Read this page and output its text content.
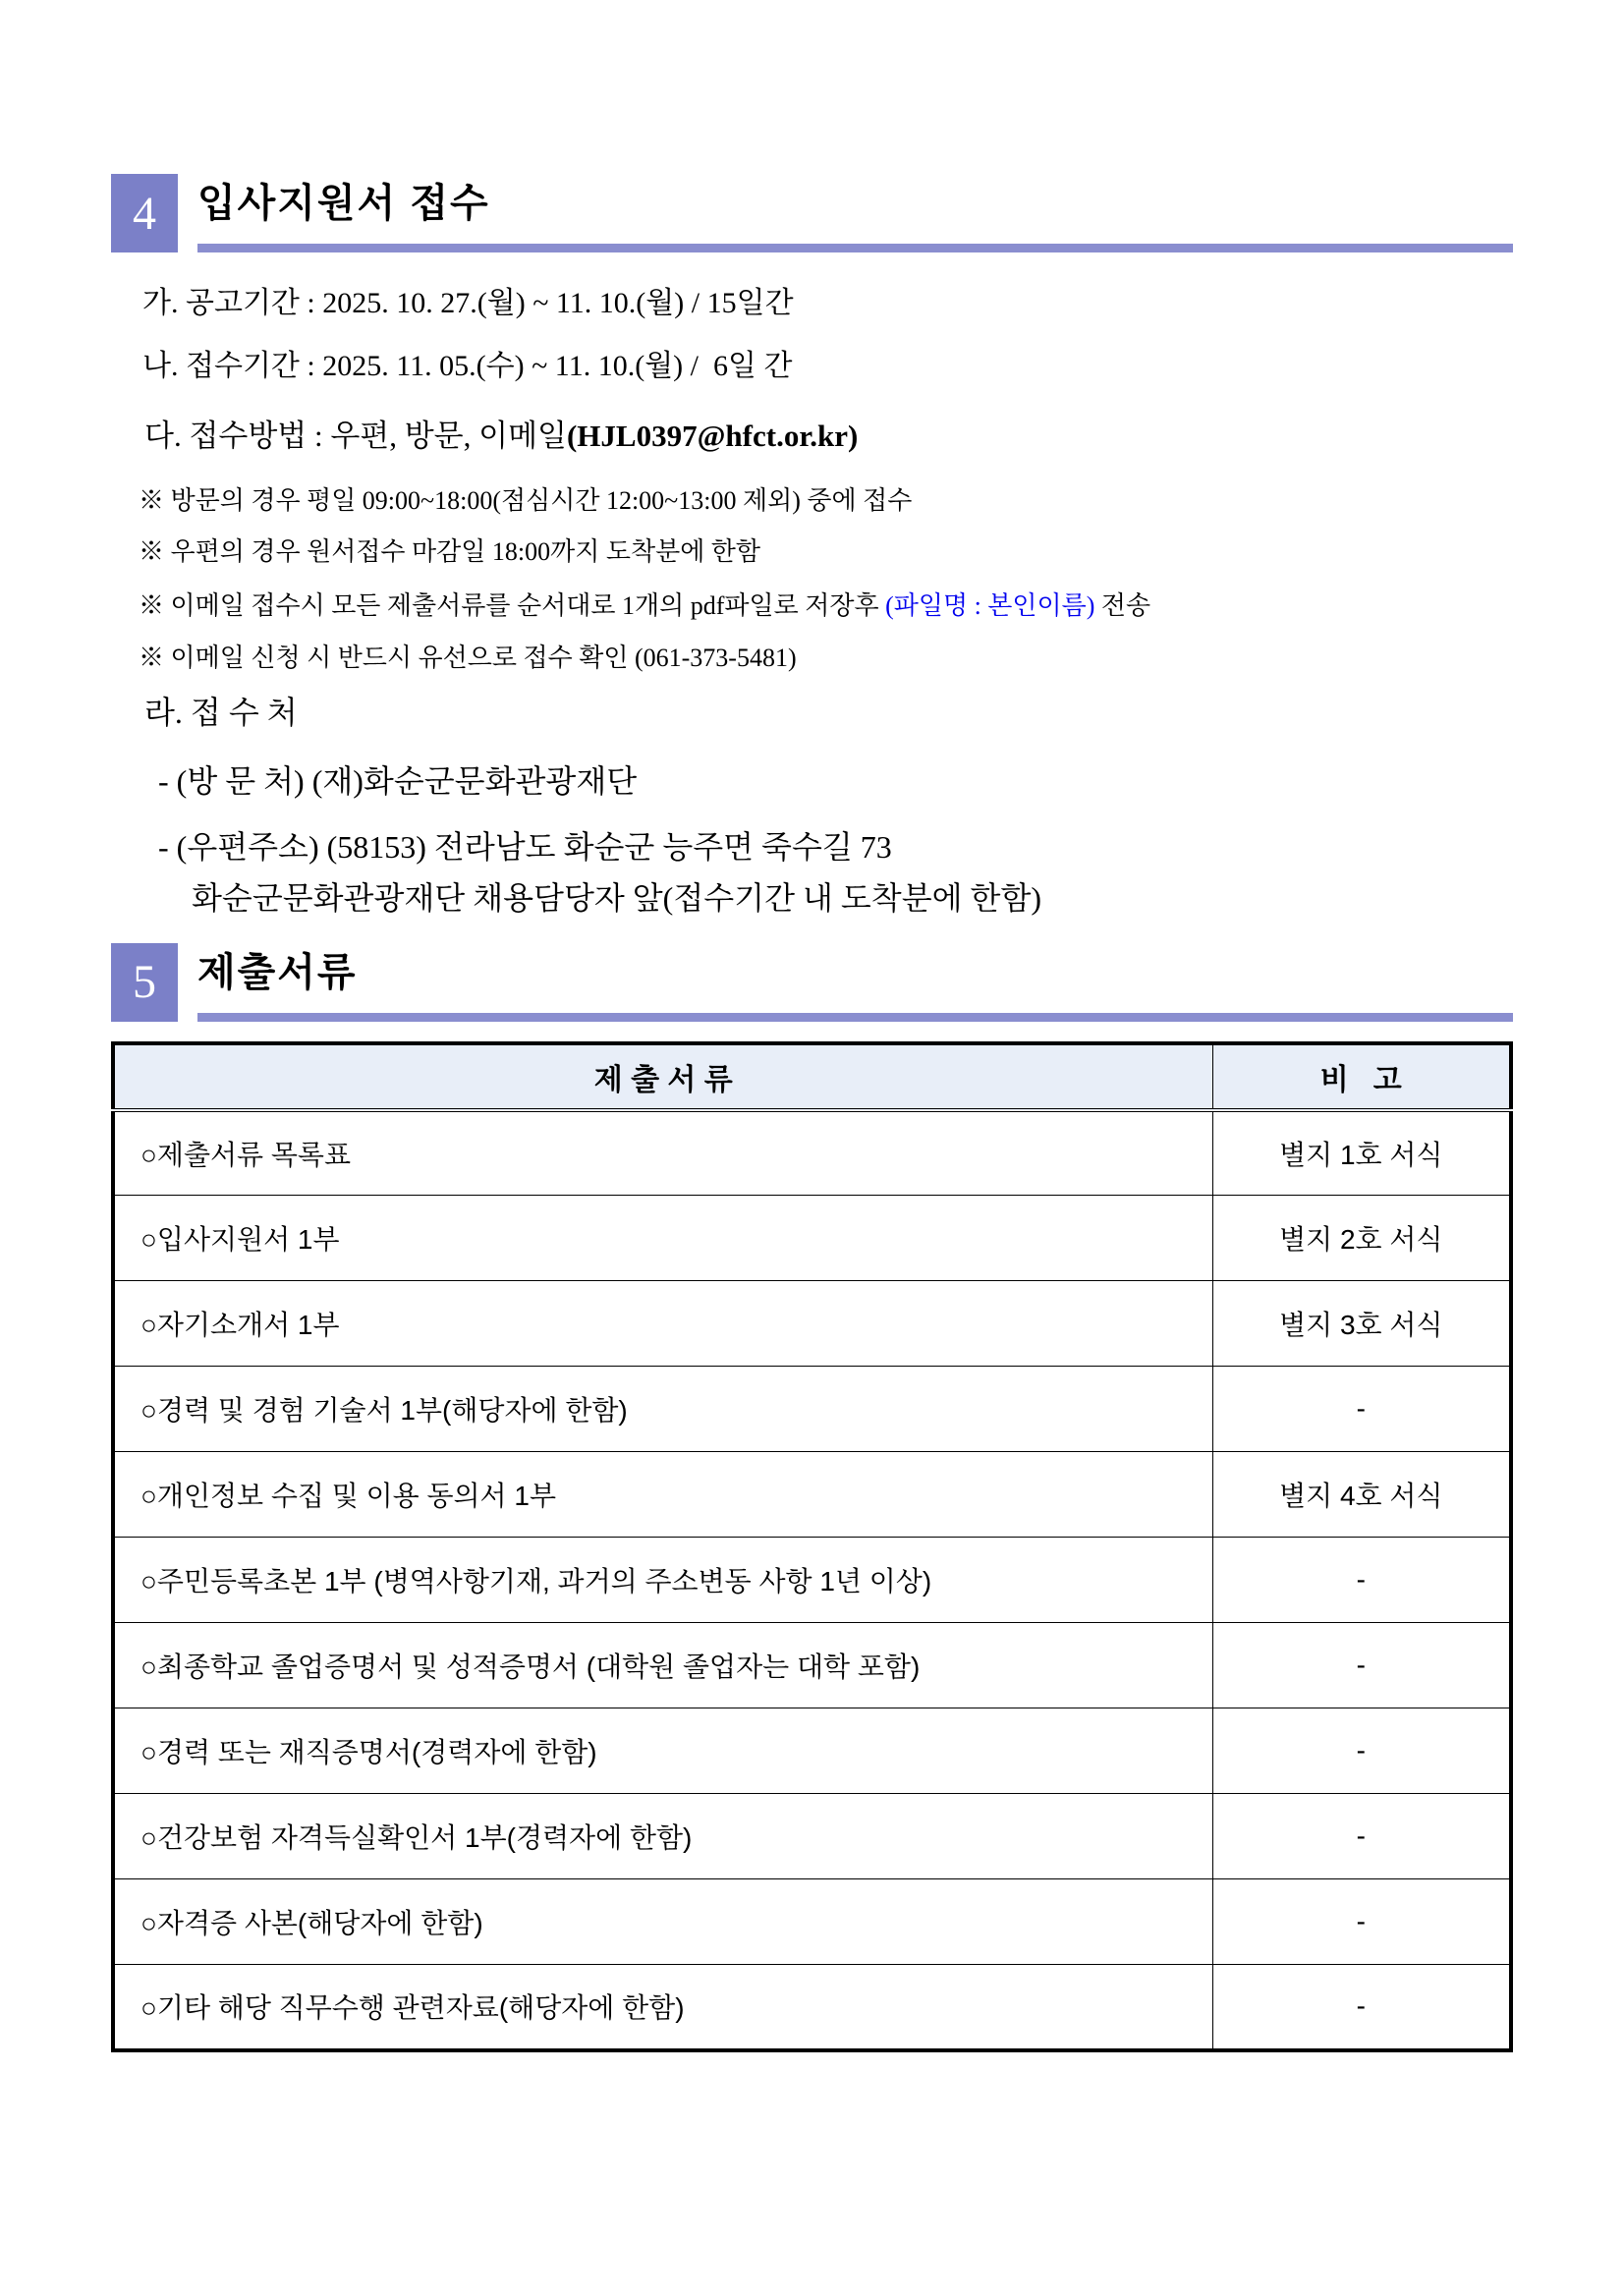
4	입사지원서 접수
가. 공고기간 : 2025. 10. 27.(월) ~ 11. 10.(월) / 15일간
나. 접수기간 : 2025. 11. 05.(수) ~ 11. 10.(월) /  6일 간
다. 접수방법 : 우편, 방문, 이메일(HJL0397@hfct.or.kr)
※ 방문의 경우 평일 09:00~18:00(점심시간 12:00~13:00 제외) 중에 접수
※ 우편의 경우 원서접수 마감일 18:00까지 도착분에 한함
※ 이메일 접수시 모든 제출서류를 순서대로 1개의 pdf파일로 저장후 (파일명 : 본인이름) 전송
※ 이메일 신청 시 반드시 유선으로 접수 확인 (061-373-5481)
라. 접 수 처
- (방 문 처) (재)화순군문화관광재단
- (우편주소) (58153) 전라남도 화순군 능주면 죽수길 73
화순군문화관광재단 채용담당자 앞(접수기간 내 도착분에 한함)
5	제출서류
제 출 서 류	비   고
○제출서류 목록표	별지 1호 서식
○입사지원서 1부	별지 2호 서식
○자기소개서 1부	별지 3호 서식
○경력 및 경험 기술서 1부(해당자에 한함)	-
○개인정보 수집 및 이용 동의서 1부	별지 4호 서식
○주민등록초본 1부 (병역사항기재, 과거의 주소변동 사항 1년 이상)	-
○최종학교 졸업증명서 및 성적증명서 (대학원 졸업자는 대학 포함)	-
○경력 또는 재직증명서(경력자에 한함)	-
○건강보험 자격득실확인서 1부(경력자에 한함)	-
○자격증 사본(해당자에 한함)	-
○기타 해당 직무수행 관련자료(해당자에 한함)	-
